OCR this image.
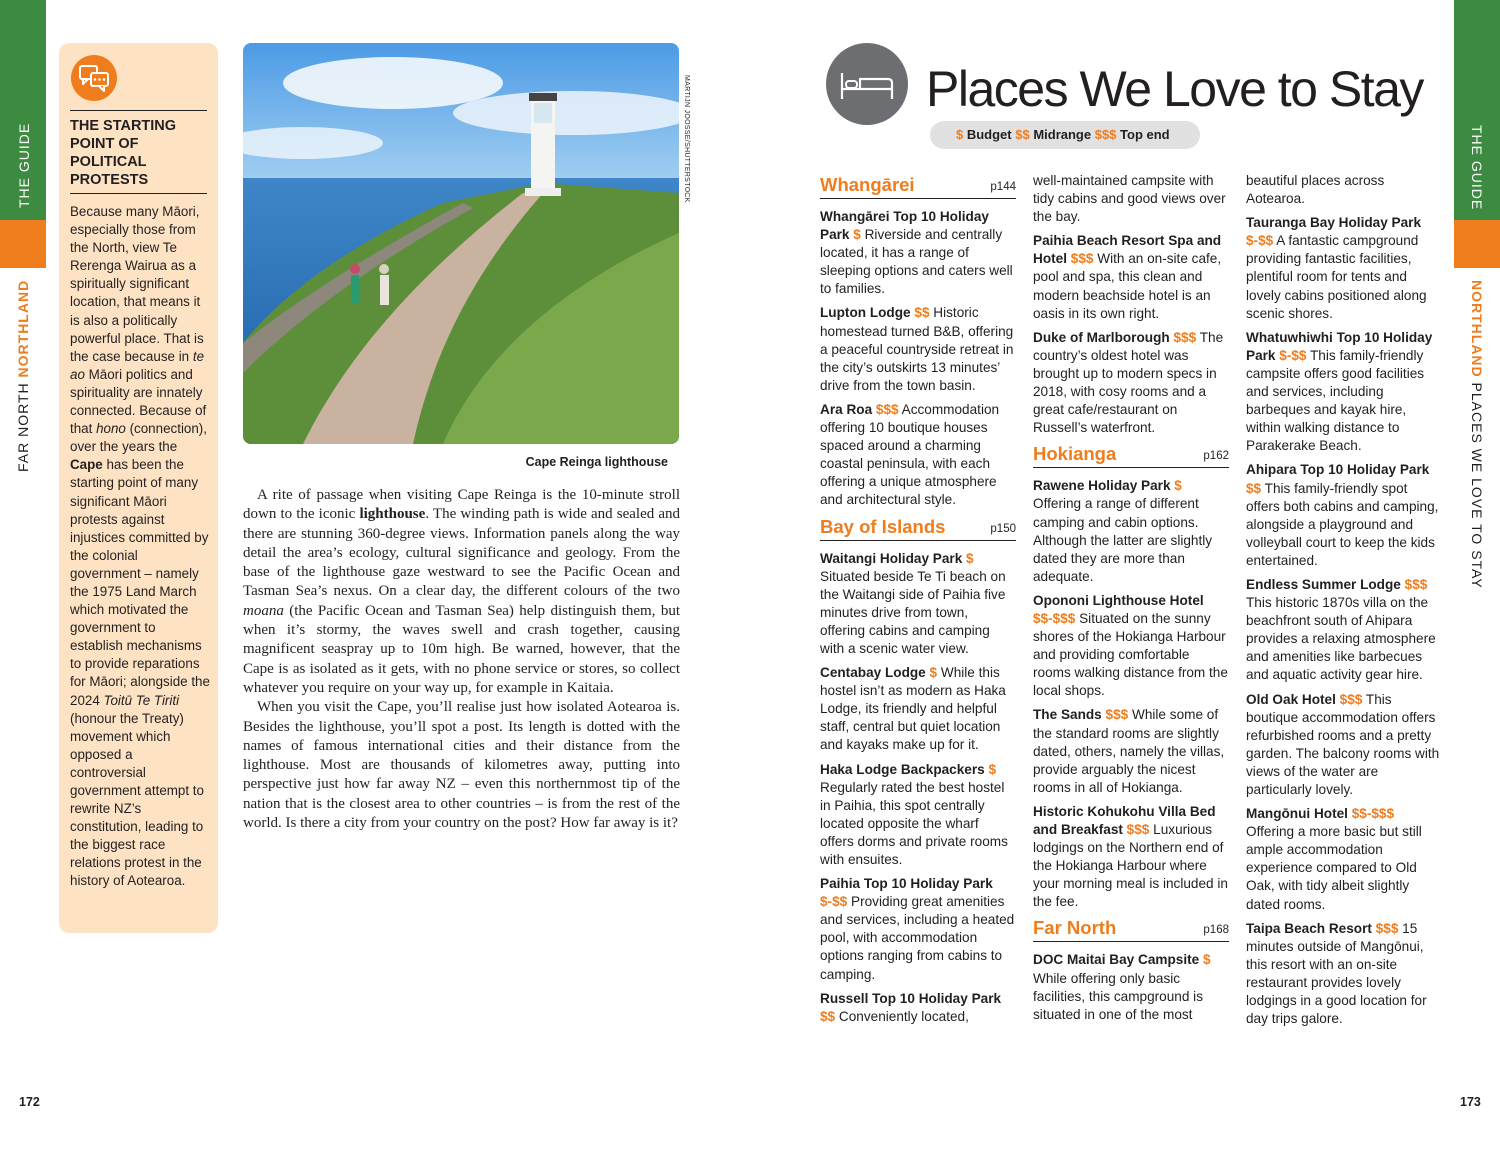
THE GUIDE
FAR NORTH NORTHLAND
THE STARTING POINT OF POLITICAL PROTESTS
Because many Māori, especially those from the North, view Te Rerenga Wairua as a spiritually significant location, that means it is also a politically powerful place. That is the case because in te ao Māori politics and spirituality are innately connected. Because of that hono (connection), over the years the Cape has been the starting point of many significant Māori protests against injustices committed by the colonial government – namely the 1975 Land March which motivated the government to establish mechanisms to provide reparations for Māori; alongside the 2024 Toitū Te Tiriti (honour the Treaty) movement which opposed a controversial government attempt to rewrite NZ’s constitution, leading to the biggest race relations protest in the history of Aotearoa.
MARTIJN JOOSSE/SHUTTERSTOCK
Cape Reinga lighthouse

A rite of passage when visiting Cape Reinga is the 10-minute stroll down to the iconic lighthouse. The winding path is wide and sealed and there are stunning 360-degree views. Information panels along the way detail the area’s ecology, cultural significance and geology. From the base of the lighthouse gaze westward to see the Pacific Ocean and Tasman Sea’s nexus. On a clear day, the different colours of the two moana (the Pacific Ocean and Tasman Sea) help distinguish them, but when it’s stormy, the waves swell and crash together, causing magnificent seaspray up to 10m high. Be warned, however, that the Cape is as isolated as it gets, with no phone service or stores, so collect whatever you require on your way up, for example in Kaitaia.

When you visit the Cape, you’ll realise just how isolated Aotearoa is. Besides the lighthouse, you’ll spot a post. Its length is dotted with the names of famous international cities and their distance from the lighthouse. Most are thousands of kilometres away, putting into perspective just how far away NZ – even this northernmost tip of the nation that is the closest area to other countries – is from the rest of the world. Is there a city from your country on the post? How far away is it?

172
Places We Love to Stay
$ Budget $$ Midrange $$$ Top end
Whangārei	p144
Whangārei Top 10 Holiday Park $ Riverside and centrally located, it has a range of sleeping options and caters well to families.
Lupton Lodge $$ Historic homestead turned B&B, offering a peaceful countryside retreat in the city’s outskirts 13 minutes’ drive from the town basin.
Ara Roa $$$ Accommodation offering 10 boutique houses spaced around a charming coastal peninsula, with each offering a unique atmosphere and architectural style.
Bay of Islands	p150
Waitangi Holiday Park $ Situated beside Te Ti beach on the Waitangi side of Paihia five minutes drive from town, offering cabins and camping with a scenic water view.
Centabay Lodge $ While this hostel isn’t as modern as Haka Lodge, its friendly and helpful staff, central but quiet location and kayaks make up for it.
Haka Lodge Backpackers $ Regularly rated the best hostel in Paihia, this spot centrally located opposite the wharf offers dorms and private rooms with ensuites.
Paihia Top 10 Holiday Park $-$$ Providing great amenities and services, including a heated pool, with accommodation options ranging from cabins to camping.
Russell Top 10 Holiday Park $$ Conveniently located,
well-maintained campsite with tidy cabins and good views over the bay.
Paihia Beach Resort Spa and Hotel $$$ With an on-site cafe, pool and spa, this clean and modern beachside hotel is an oasis in its own right.
Duke of Marlborough $$$ The country’s oldest hotel was brought up to modern specs in 2018, with cosy rooms and a great cafe/restaurant on Russell’s waterfront.
Hokianga	p162
Rawene Holiday Park $ Offering a range of different camping and cabin options. Although the latter are slightly dated they are more than adequate.
Opononi Lighthouse Hotel $$-$$$ Situated on the sunny shores of the Hokianga Harbour and providing comfortable rooms walking distance from the local shops.
The Sands $$$ While some of the standard rooms are slightly dated, others, namely the villas, provide arguably the nicest rooms in all of Hokianga.
Historic Kohukohu Villa Bed and Breakfast $$$ Luxurious lodgings on the Northern end of the Hokianga Harbour where your morning meal is included in the fee.
Far North	p168
DOC Maitai Bay Campsite $ While offering only basic facilities, this campground is situated in one of the most
beautiful places across Aotearoa.
Tauranga Bay Holiday Park $-$$ A fantastic campground providing fantastic facilities, plentiful room for tents and lovely cabins positioned along scenic shores.
Whatuwhiwhi Top 10 Holiday Park $-$$ This family-friendly campsite offers good facilities and services, including barbeques and kayak hire, within walking distance to Parakerake Beach.
Ahipara Top 10 Holiday Park $$ This family-friendly spot offers both cabins and camping, alongside a playground and volleyball court to keep the kids entertained.
Endless Summer Lodge $$$ This historic 1870s villa on the beachfront south of Ahipara provides a relaxing atmosphere and amenities like barbecues and aquatic activity gear hire.
Old Oak Hotel $$$ This boutique accommodation offers refurbished rooms and a pretty garden. The balcony rooms with views of the water are particularly lovely.
Mangōnui Hotel $$-$$$ Offering a more basic but still ample accommodation experience compared to Old Oak, with tidy albeit slightly dated rooms.
Taipa Beach Resort $$$ 15 minutes outside of Mangōnui, this resort with an on-site restaurant provides lovely lodgings in a good location for day trips galore.
THE GUIDE
NORTHLAND PLACES WE LOVE TO STAY
173
